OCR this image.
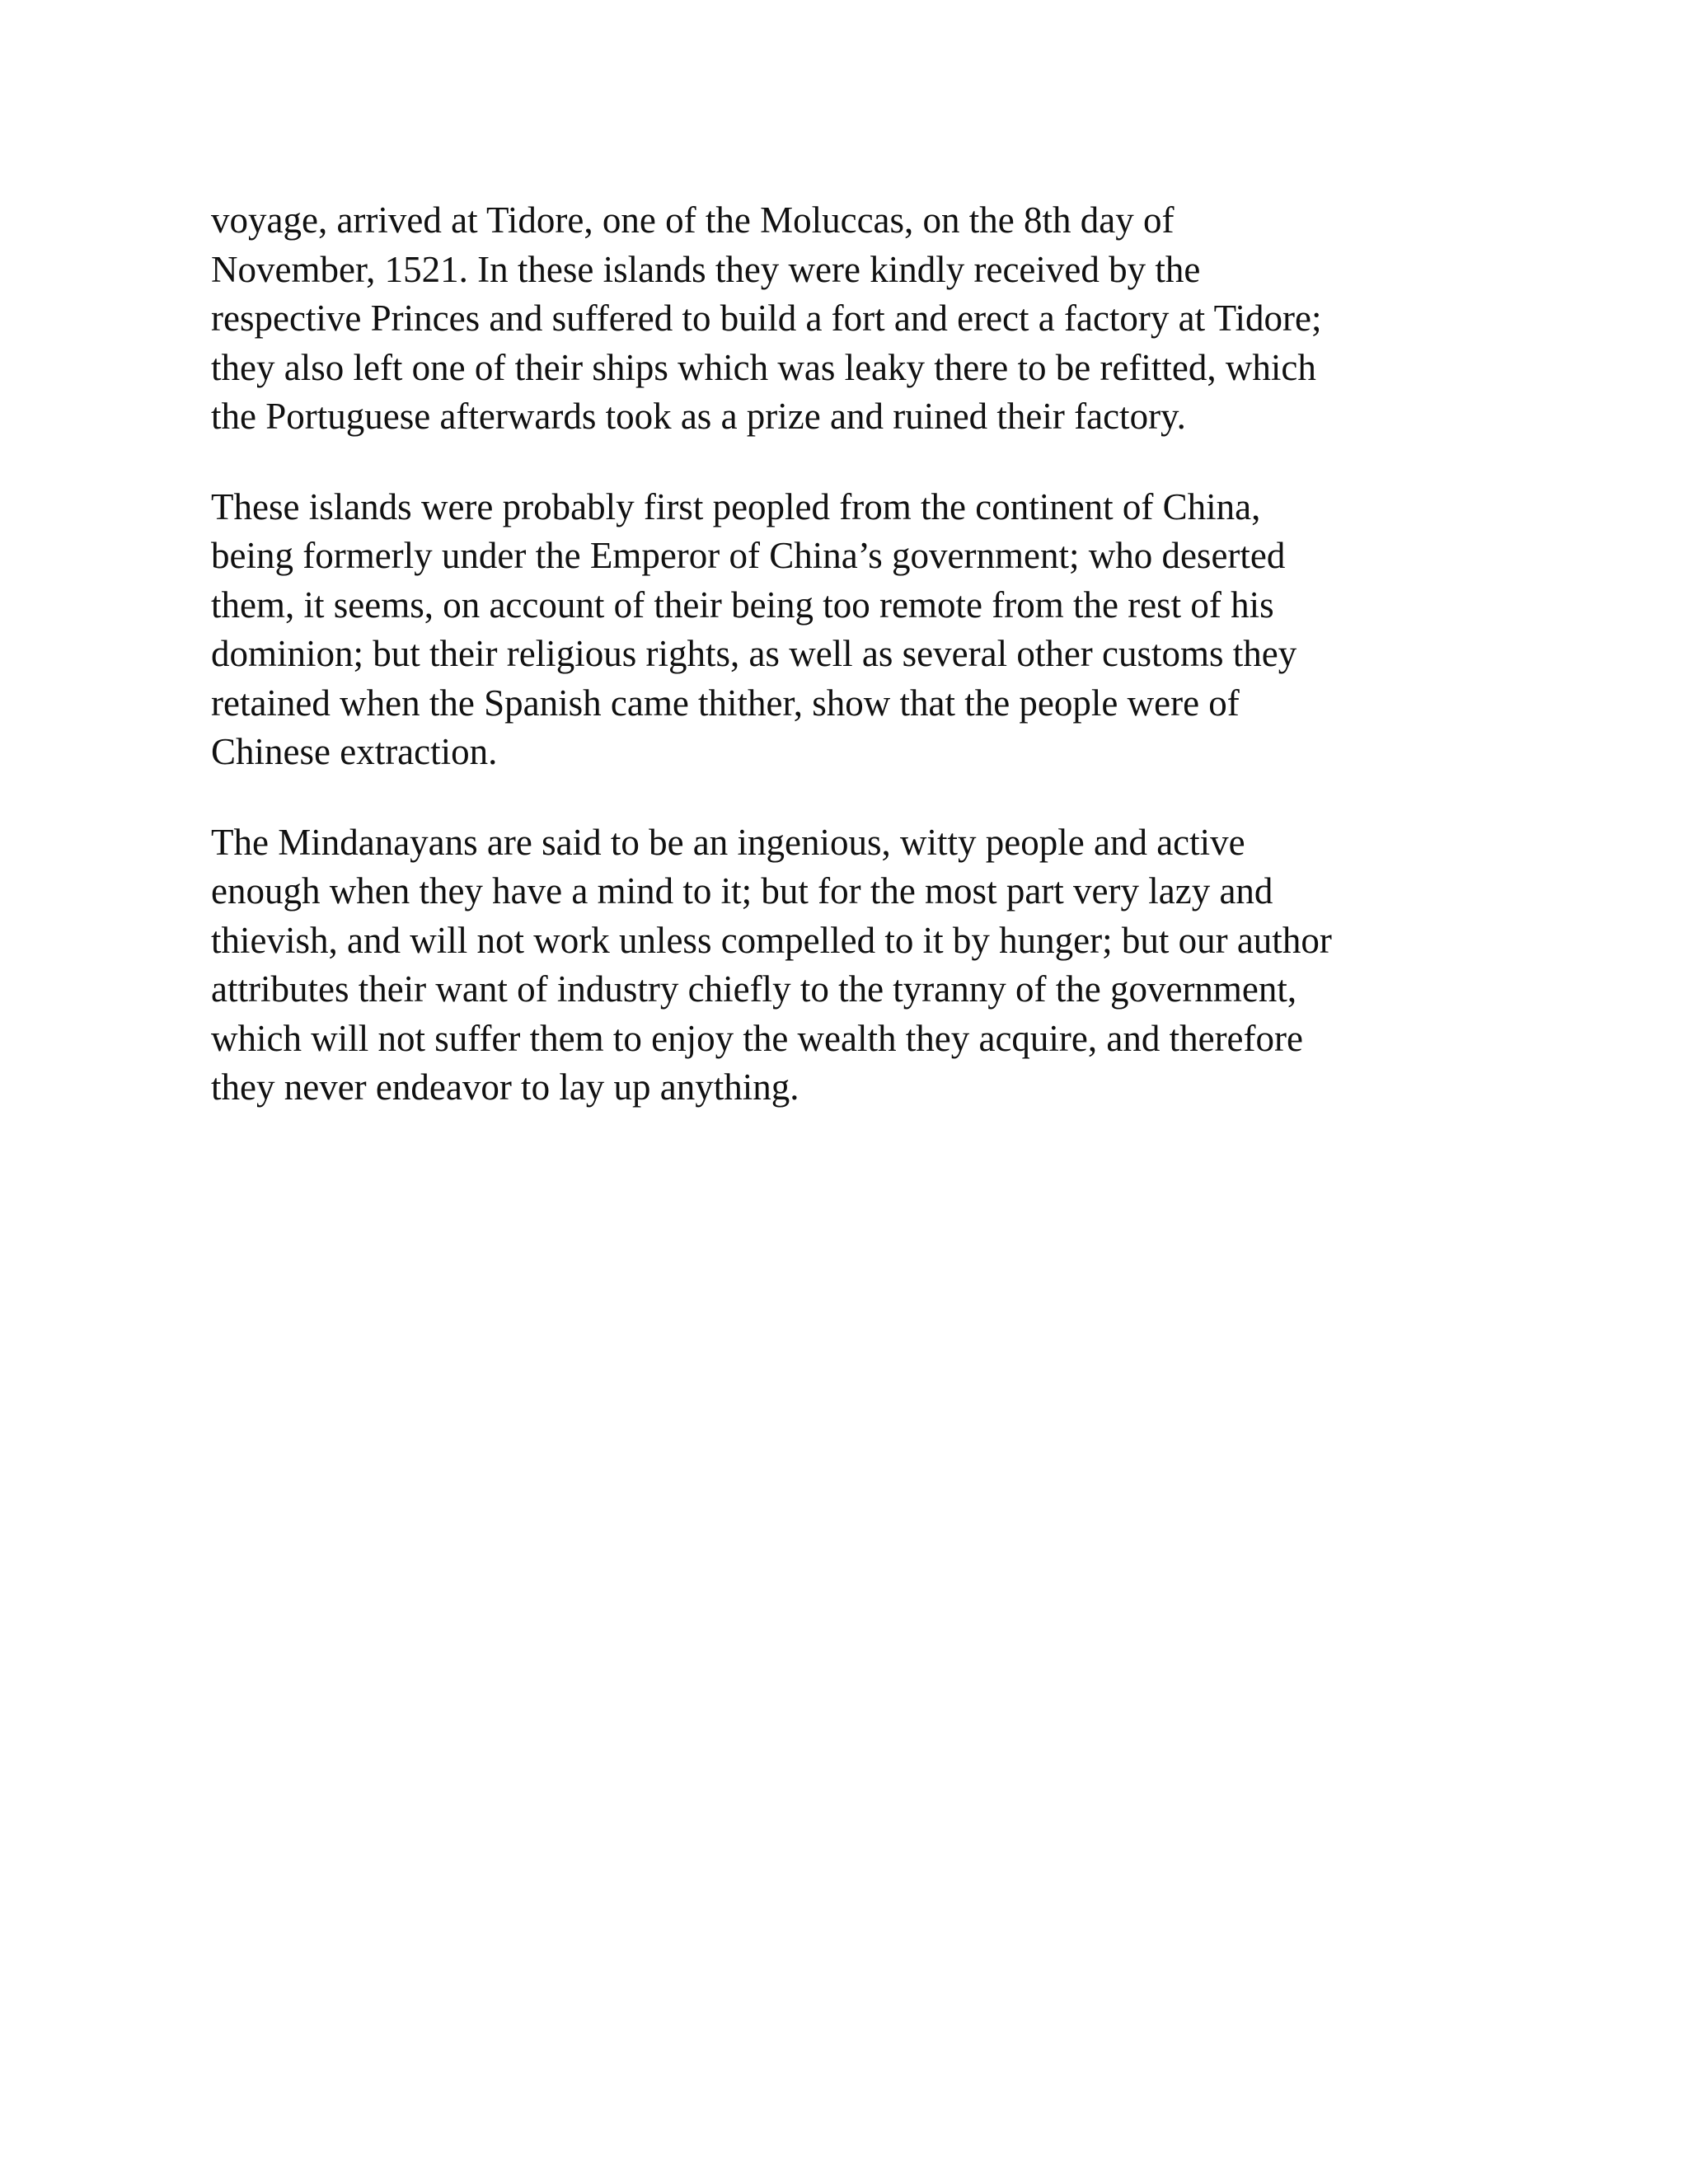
voyage, arrived at Tidore, one of the Moluccas, on the 8th day of
November, 1521. In these islands they were kindly received by the
respective Princes and suffered to build a fort and erect a factory at Tidore;
they also left one of their ships which was leaky there to be refitted, which
the Portuguese afterwards took as a prize and ruined their factory.
These islands were probably first peopled from the continent of China,
being formerly under the Emperor of China’s government; who deserted
them, it seems, on account of their being too remote from the rest of his
dominion; but their religious rights, as well as several other customs they
retained when the Spanish came thither, show that the people were of
Chinese extraction.
The Mindanayans are said to be an ingenious, witty people and active
enough when they have a mind to it; but for the most part very lazy and
thievish, and will not work unless compelled to it by hunger; but our author
attributes their want of industry chiefly to the tyranny of the government,
which will not suffer them to enjoy the wealth they acquire, and therefore
they never endeavor to lay up anything.
